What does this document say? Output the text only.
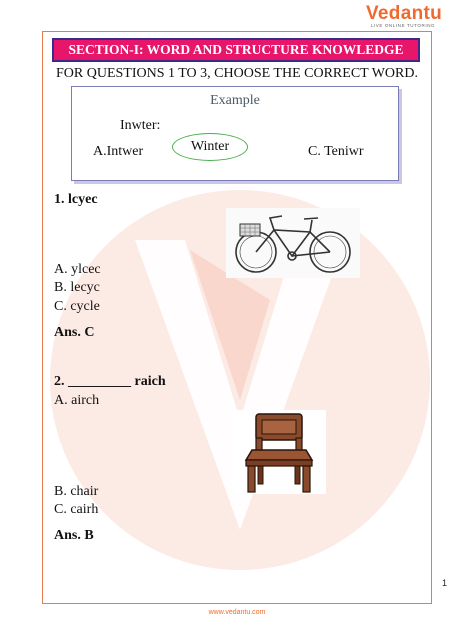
Vedantu
LIVE ONLINE TUTORING
SECTION-I: WORD AND STRUCTURE KNOWLEDGE
FOR QUESTIONS 1 TO 3, CHOOSE THE CORRECT WORD.
Example
Inwter:
A.Intwer	Winter	C. Teniwr
1. lcyec
A. ylcec
B. lecyc
C. cycle
Ans. C
2. _________ raich
A. airch
B. chair
C. cairh
Ans. B
1
www.vedantu.com
